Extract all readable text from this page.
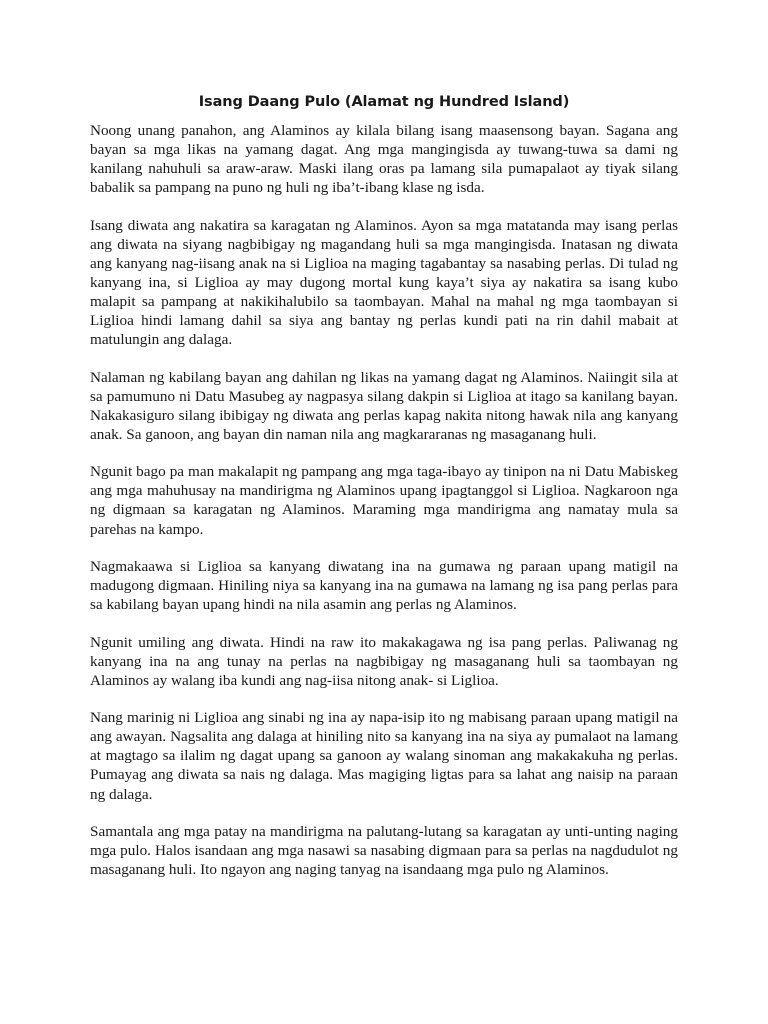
Isang Daang Pulo (Alamat ng Hundred Island)

Noong unang panahon, ang Alaminos ay kilala bilang isang maasensong bayan. Sagana ang bayan sa mga likas na yamang dagat. Ang mga mangingisda ay tuwang-tuwa sa dami ng kanilang nahuhuli sa araw-araw. Maski ilang oras pa lamang sila pumapalaot ay tiyak silang babalik sa pampang na puno ng huli ng iba’t-ibang klase ng isda.

Isang diwata ang nakatira sa karagatan ng Alaminos. Ayon sa mga matatanda may isang perlas ang diwata na siyang nagbibigay ng magandang huli sa mga mangingisda. Inatasan ng diwata ang kanyang nag-iisang anak na si Liglioa na maging tagabantay sa nasabing perlas. Di tulad ng kanyang ina, si Liglioa ay may dugong mortal kung kaya’t siya ay nakatira sa isang kubo malapit sa pampang at nakikihalubilo sa taombayan. Mahal na mahal ng mga taombayan si Liglioa hindi lamang dahil sa siya ang bantay ng perlas kundi pati na rin dahil mabait at matulungin ang dalaga.

Nalaman ng kabilang bayan ang dahilan ng likas na yamang dagat ng Alaminos. Naiingit sila at sa pamumuno ni Datu Masubeg ay nagpasya silang dakpin si Liglioa at itago sa kanilang bayan. Nakakasiguro silang ibibigay ng diwata ang perlas kapag nakita nitong hawak nila ang kanyang anak. Sa ganoon, ang bayan din naman nila ang magkararanas ng masaganang huli.

Ngunit bago pa man makalapit ng pampang ang mga taga-ibayo ay tinipon na ni Datu Mabiskeg ang mga mahuhusay na mandirigma ng Alaminos upang ipagtanggol si Liglioa. Nagkaroon nga ng digmaan sa karagatan ng Alaminos. Maraming mga mandirigma ang namatay mula sa parehas na kampo.

Nagmakaawa si Liglioa sa kanyang diwatang ina na gumawa ng paraan upang matigil na madugong digmaan. Hiniling niya sa kanyang ina na gumawa na lamang ng isa pang perlas para sa kabilang bayan upang hindi na nila asamin ang perlas ng Alaminos.

Ngunit umiling ang diwata. Hindi na raw ito makakagawa ng isa pang perlas. Paliwanag ng kanyang ina na ang tunay na perlas na nagbibigay ng masaganang huli sa taombayan ng Alaminos ay walang iba kundi ang nag-iisa nitong anak- si Liglioa.

Nang marinig ni Liglioa ang sinabi ng ina ay napa-isip ito ng mabisang paraan upang matigil na ang awayan. Nagsalita ang dalaga at hiniling nito sa kanyang ina na siya ay pumalaot na lamang at magtago sa ilalim ng dagat upang sa ganoon ay walang sinoman ang makakakuha ng perlas. Pumayag ang diwata sa nais ng dalaga. Mas magiging ligtas para sa lahat ang naisip na paraan ng dalaga.

Samantala ang mga patay na mandirigma na palutang-lutang sa karagatan ay unti-unting naging mga pulo. Halos isandaan ang mga nasawi sa nasabing digmaan para sa perlas na nagdudulot ng masaganang huli. Ito ngayon ang naging tanyag na isandaang mga pulo ng Alaminos.
